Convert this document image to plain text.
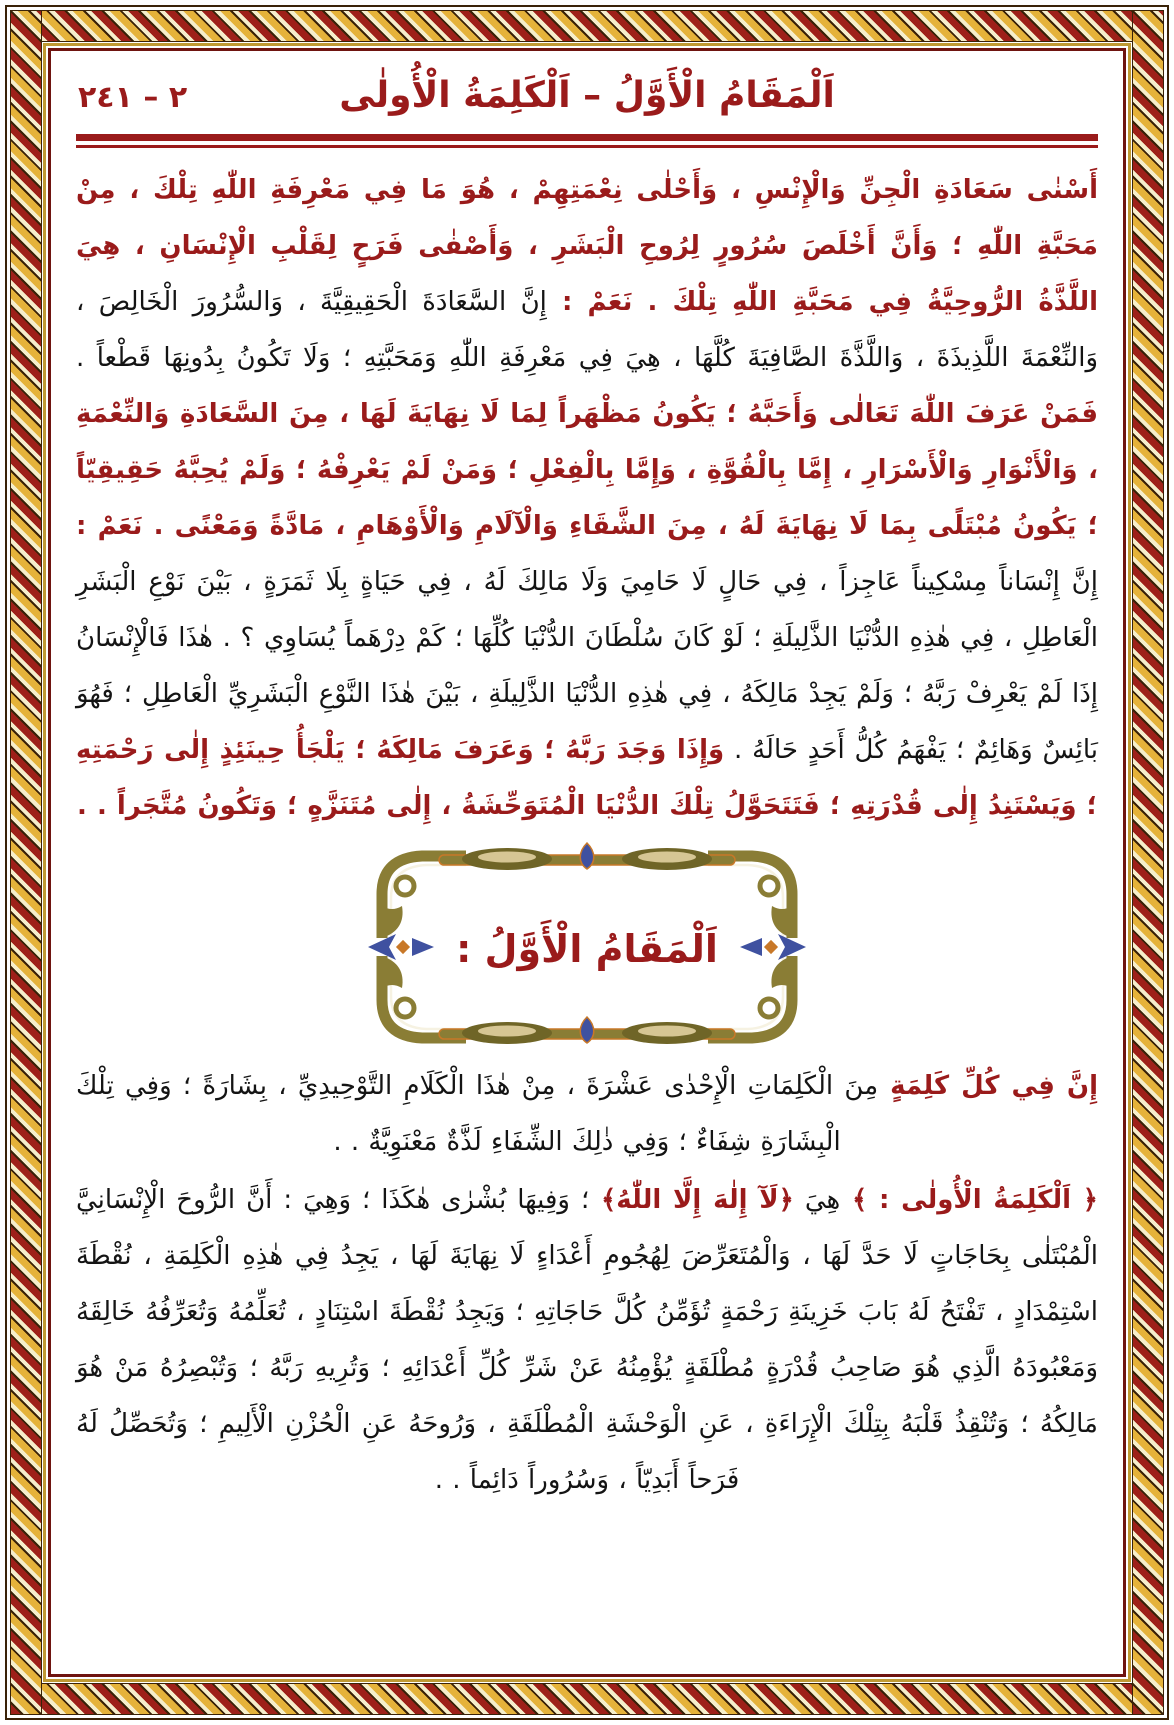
٢ – ٢٤١	اَلْمَقَامُ الْأَوَّلُ – اَلْكَلِمَةُ الْأُولٰى

أَسْنٰى سَعَادَةِ الْجِنِّ وَالْإِنْسِ ، وَأَحْلٰى نِعْمَتِهِمْ ، هُوَ مَا فِي مَعْرِفَةِ اللّٰهِ تِلْكَ ، مِنْ مَحَبَّةِ اللّٰهِ ؛ وَأَنَّ أَخْلَصَ سُرُورٍ لِرُوحِ الْبَشَرِ ، وَأَصْفٰى فَرَحٍ لِقَلْبِ الْإِنْسَانِ ، هِيَ اللَّذَّةُ الرُّوحِيَّةُ فِي مَحَبَّةِ اللّٰهِ تِلْكَ . نَعَمْ : إِنَّ السَّعَادَةَ الْحَقِيقِيَّةَ ، وَالسُّرُورَ الْخَالِصَ ، وَالنِّعْمَةَ اللَّذِيذَةَ ، وَاللَّذَّةَ الصَّافِيَةَ كُلَّهَا ، هِيَ فِي مَعْرِفَةِ اللّٰهِ وَمَحَبَّتِهِ ؛ وَلَا تَكُونُ بِدُونِهَا قَطْعاً . فَمَنْ عَرَفَ اللّٰهَ تَعَالٰى وَأَحَبَّهُ ؛ يَكُونُ مَظْهَراً لِمَا لَا نِهَايَةَ لَهَا ، مِنَ السَّعَادَةِ وَالنِّعْمَةِ ، وَالْأَنْوَارِ وَالْأَسْرَارِ ، إِمَّا بِالْقُوَّةِ ، وَإِمَّا بِالْفِعْلِ ؛ وَمَنْ لَمْ يَعْرِفْهُ ؛ وَلَمْ يُحِبَّهُ حَقِيقِيّاً ؛ يَكُونُ مُبْتَلًى بِمَا لَا نِهَايَةَ لَهُ ، مِنَ الشَّقَاءِ وَالْآلَامِ وَالْأَوْهَامِ ، مَادَّةً وَمَعْنًى . نَعَمْ : إِنَّ إِنْسَاناً مِسْكِيناً عَاجِزاً ، فِي حَالٍ لَا حَامِيَ وَلَا مَالِكَ لَهُ ، فِي حَيَاةٍ بِلَا ثَمَرَةٍ ، بَيْنَ نَوْعِ الْبَشَرِ الْعَاطِلِ ، فِي هٰذِهِ الدُّنْيَا الذَّلِيلَةِ ؛ لَوْ كَانَ سُلْطَانَ الدُّنْيَا كُلِّهَا ؛ كَمْ دِرْهَماً يُسَاوِي ؟ . هٰذَا فَالْإِنْسَانُ إِذَا لَمْ يَعْرِفْ رَبَّهُ ؛ وَلَمْ يَجِدْ مَالِكَهُ ، فِي هٰذِهِ الدُّنْيَا الذَّلِيلَةِ ، بَيْنَ هٰذَا النَّوْعِ الْبَشَرِيِّ الْعَاطِلِ ؛ فَهُوَ بَائِسٌ وَهَائِمٌ ؛ يَفْهَمُ كُلُّ أَحَدٍ حَالَهُ . وَإِذَا وَجَدَ رَبَّهُ ؛ وَعَرَفَ مَالِكَهُ ؛ يَلْجَأُ حِينَئِذٍ إِلٰى رَحْمَتِهِ ؛ وَيَسْتَنِدُ إِلٰى قُدْرَتِهِ ؛ فَتَتَحَوَّلُ تِلْكَ الدُّنْيَا الْمُتَوَحِّشَةُ ، إِلٰى مُتَنَزَّهٍ ؛ وَتَكُونُ مُتَّجَراً . .

اَلْمَقَامُ الْأَوَّلُ :

إِنَّ فِي كُلِّ كَلِمَةٍ مِنَ الْكَلِمَاتِ الْإِحْدٰى عَشْرَةَ ، مِنْ هٰذَا الْكَلَامِ التَّوْحِيدِيِّ ، بِشَارَةً ؛ وَفِي تِلْكَ الْبِشَارَةِ شِفَاءٌ ؛ وَفِي ذٰلِكَ الشِّفَاءِ لَذَّةٌ مَعْنَوِيَّةٌ . .

﴿ اَلْكَلِمَةُ الْأُولٰى : ﴾ هِيَ ﴿لَآ إِلٰهَ إِلَّا اللّٰهُ﴾ ؛ وَفِيهَا بُشْرٰى هٰكَذَا ؛ وَهِيَ : أَنَّ الرُّوحَ الْإِنْسَانِيَّ الْمُبْتَلٰى بِحَاجَاتٍ لَا حَدَّ لَهَا ، وَالْمُتَعَرِّضَ لِهُجُومِ أَعْدَاءٍ لَا نِهَايَةَ لَهَا ، يَجِدُ فِي هٰذِهِ الْكَلِمَةِ ، نُقْطَةَ اسْتِمْدَادٍ ، تَفْتَحُ لَهُ بَابَ خَزِينَةِ رَحْمَةٍ تُؤَمِّنُ كُلَّ حَاجَاتِهِ ؛ وَيَجِدُ نُقْطَةَ اسْتِنَادٍ ، تُعَلِّمُهُ وَتُعَرِّفُهُ خَالِقَهُ وَمَعْبُودَهُ الَّذِي هُوَ صَاحِبُ قُدْرَةٍ مُطْلَقَةٍ يُؤْمِنُهُ عَنْ شَرِّ كُلِّ أَعْدَائِهِ ؛ وَتُرِيهِ رَبَّهُ ؛ وَتُبْصِرُهُ مَنْ هُوَ مَالِكُهُ ؛ وَتُنْقِذُ قَلْبَهُ بِتِلْكَ الْإِرَاءَةِ ، عَنِ الْوَحْشَةِ الْمُطْلَقَةِ ، وَرُوحَهُ عَنِ الْحُزْنِ الْأَلِيمِ ؛ وَتُحَصِّلُ لَهُ فَرَحاً أَبَدِيّاً ، وَسُرُوراً دَائِماً . .
